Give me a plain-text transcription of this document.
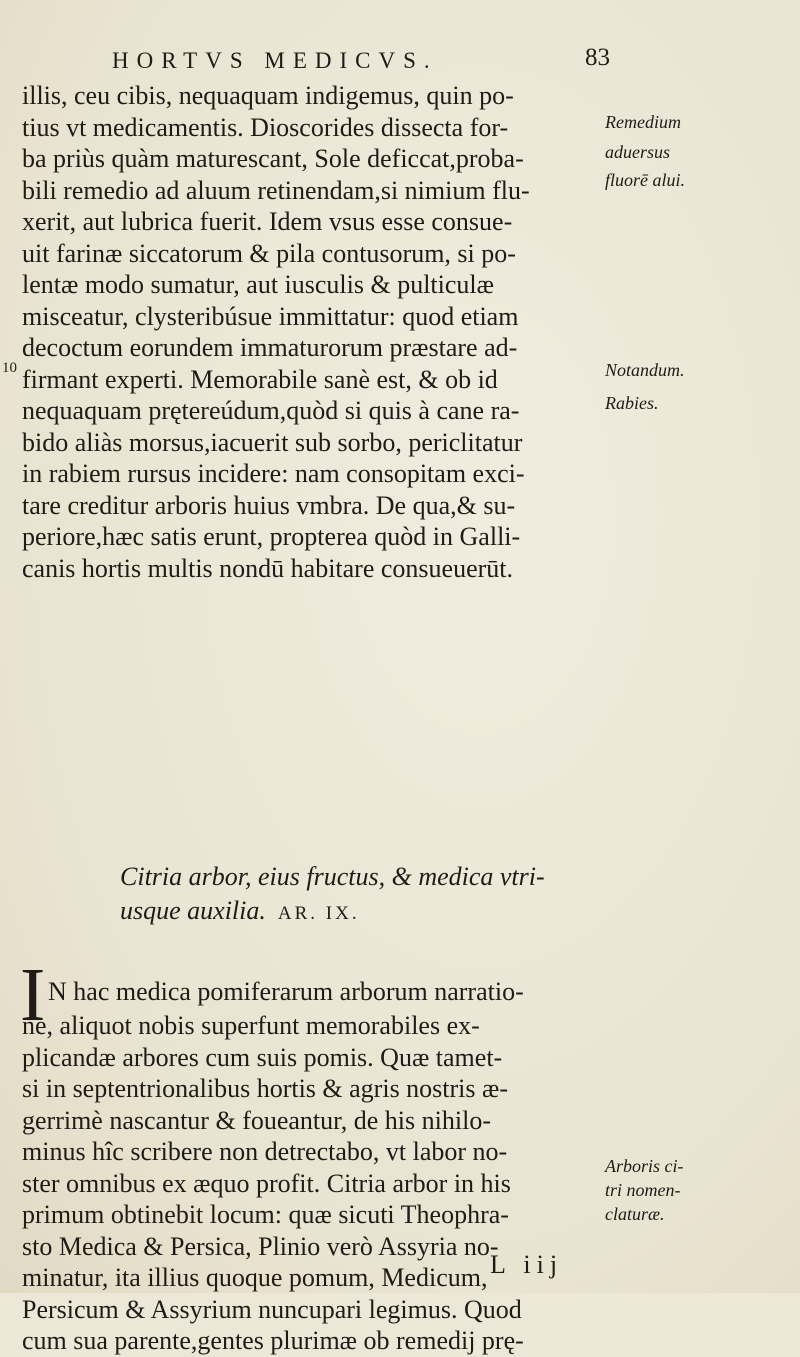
HORTVS MEDICVS.	83
illis, ceu cibis, nequaquam indigemus, quin po-
tius vt medicamentis. Dioscorides dissecta for-
ba priùs quàm maturescant, Sole deficcat,proba-
bili remedio ad aluum retinendam,si nimium flu-
xerit, aut lubrica fuerit. Idem vsus esse consue-
uit farinæ siccatorum & pila contusorum, si po-
lentæ modo sumatur, aut iusculis & pulticulæ
misceatur, clysteribúsue immittatur: quod etiam
decoctum eorundem immaturorum præstare ad-
firmant experti. Memorabile sanè est, & ob id
nequaquam prętereúdum,quòd si quis à cane ra-
bido aliàs morsus,iacuerit sub sorbo, periclitatur
in rabiem rursus incidere: nam consopitam exci-
tare creditur arboris huius vmbra. De qua,& su-
periore,hæc satis erunt, propterea quòd in Galli-
canis hortis multis nondū habitare consueuerūt.
10
Remedium
aduersus
fluorē alui.
Notandum.
Rabies.
Arboris ci-
tri nomen-
claturæ.
Citria arbor, eius fructus, & medica vtri-
usque auxilia. AR. IX.
I N hac medica pomiferarum arborum narratio-
ne, aliquot nobis superfunt memorabiles ex-
plicandæ arbores cum suis pomis. Quæ tamet-
si in septentrionalibus hortis & agris nostris æ-
gerrimè nascantur & foueantur, de his nihilo-
minus hîc scribere non detrectabo, vt labor no-
ster omnibus ex æquo profit. Citria arbor in his
primum obtinebit locum: quæ sicuti Theophra-
sto Medica & Persica, Plinio verò Assyria no-
minatur, ita illius quoque pomum, Medicum,
Persicum & Assyrium nuncupari legimus. Quod
cum sua parente,gentes plurimæ ob remedij prę-
L iij
